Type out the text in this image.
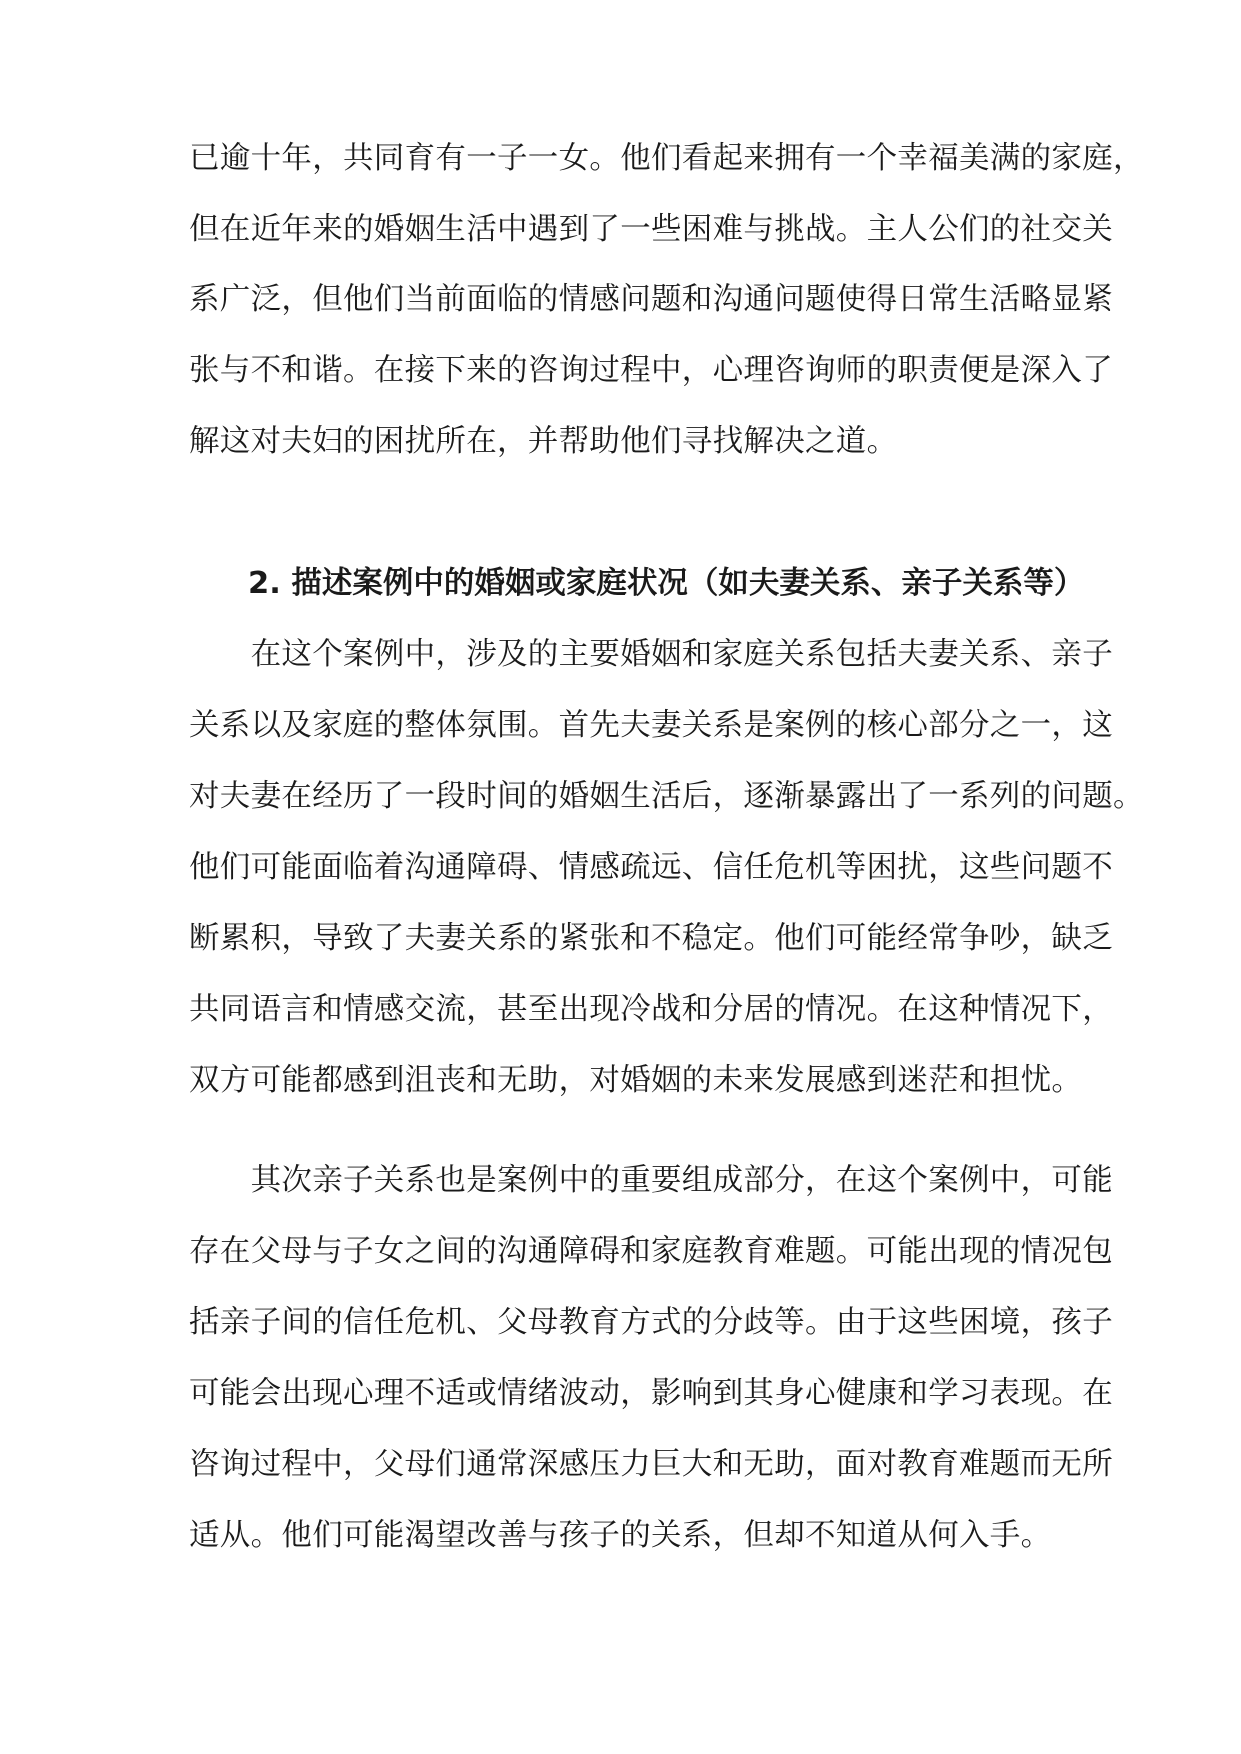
已逾十年，共同育有一子一女。他们看起来拥有一个幸福美满的家庭，
但在近年来的婚姻生活中遇到了一些困难与挑战。主人公们的社交关
系广泛，但他们当前面临的情感问题和沟通问题使得日常生活略显紧
张与不和谐。在接下来的咨询过程中，心理咨询师的职责便是深入了
解这对夫妇的困扰所在，并帮助他们寻找解决之道。
2. 描述案例中的婚姻或家庭状况（如夫妻关系、亲子关系等）
　　在这个案例中，涉及的主要婚姻和家庭关系包括夫妻关系、亲子
关系以及家庭的整体氛围。首先夫妻关系是案例的核心部分之一，这
对夫妻在经历了一段时间的婚姻生活后，逐渐暴露出了一系列的问题。
他们可能面临着沟通障碍、情感疏远、信任危机等困扰，这些问题不
断累积，导致了夫妻关系的紧张和不稳定。他们可能经常争吵，缺乏
共同语言和情感交流，甚至出现冷战和分居的情况。在这种情况下，
双方可能都感到沮丧和无助，对婚姻的未来发展感到迷茫和担忧。
　　其次亲子关系也是案例中的重要组成部分，在这个案例中，可能
存在父母与子女之间的沟通障碍和家庭教育难题。可能出现的情况包
括亲子间的信任危机、父母教育方式的分歧等。由于这些困境，孩子
可能会出现心理不适或情绪波动，影响到其身心健康和学习表现。在
咨询过程中，父母们通常深感压力巨大和无助，面对教育难题而无所
适从。他们可能渴望改善与孩子的关系，但却不知道从何入手。
